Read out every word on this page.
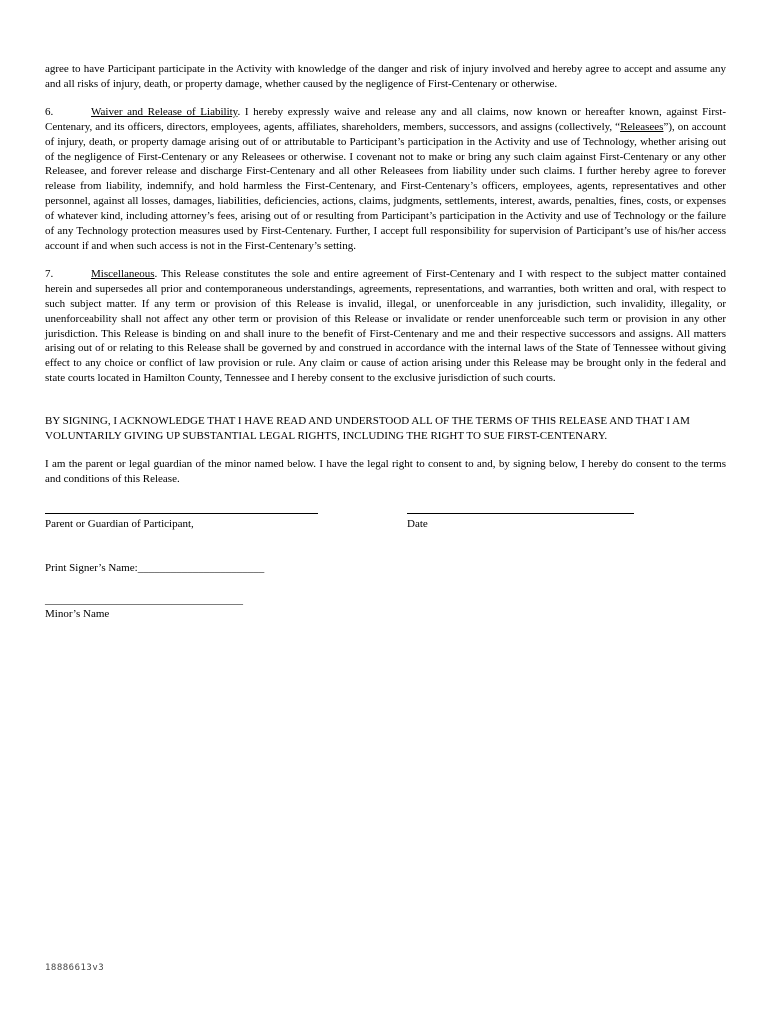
agree to have Participant participate in the Activity with knowledge of the danger and risk of injury involved and hereby agree to accept and assume any and all risks of injury, death, or property damage, whether caused by the negligence of First-Centenary or otherwise.

6.	Waiver and Release of Liability. I hereby expressly waive and release any and all claims, now known or hereafter known, against First-Centenary, and its officers, directors, employees, agents, affiliates, shareholders, members, successors, and assigns (collectively, “Releasees”), on account of injury, death, or property damage arising out of or attributable to Participant’s participation in the Activity and use of Technology, whether arising out of the negligence of First-Centenary or any Releasees or otherwise. I covenant not to make or bring any such claim against First-Centenary or any other Releasee, and forever release and discharge First-Centenary and all other Releasees from liability under such claims. I further hereby agree to forever release from liability, indemnify, and hold harmless the First-Centenary, and First-Centenary’s officers, employees, agents, representatives and other personnel, against all losses, damages, liabilities, deficiencies, actions, claims, judgments, settlements, interest, awards, penalties, fines, costs, or expenses of whatever kind, including attorney’s fees, arising out of or resulting from Participant’s participation in the Activity and use of Technology or the failure of any Technology protection measures used by First-Centenary. Further, I accept full responsibility for supervision of Participant’s use of his/her access account if and when such access is not in the First-Centenary’s setting.

7.	Miscellaneous. This Release constitutes the sole and entire agreement of First-Centenary and I with respect to the subject matter contained herein and supersedes all prior and contemporaneous understandings, agreements, representations, and warranties, both written and oral, with respect to such subject matter. If any term or provision of this Release is invalid, illegal, or unenforceable in any jurisdiction, such invalidity, illegality, or unenforceability shall not affect any other term or provision of this Release or invalidate or render unenforceable such term or provision in any other jurisdiction. This Release is binding on and shall inure to the benefit of First-Centenary and me and their respective successors and assigns. All matters arising out of or relating to this Release shall be governed by and construed in accordance with the internal laws of the State of Tennessee without giving effect to any choice or conflict of law provision or rule. Any claim or cause of action arising under this Release may be brought only in the federal and state courts located in Hamilton County, Tennessee and I hereby consent to the exclusive jurisdiction of such courts.

BY SIGNING, I ACKNOWLEDGE THAT I HAVE READ AND UNDERSTOOD ALL OF THE TERMS OF THIS RELEASE AND THAT I AM VOLUNTARILY GIVING UP SUBSTANTIAL LEGAL RIGHTS, INCLUDING THE RIGHT TO SUE FIRST-CENTENARY.

I am the parent or legal guardian of the minor named below. I have the legal right to consent to and, by signing below, I hereby do consent to the terms and conditions of this Release.

Parent or Guardian of Participant,	Date
Print Signer’s Name:_______________________
____________________________________
Minor’s Name
18886613v3
